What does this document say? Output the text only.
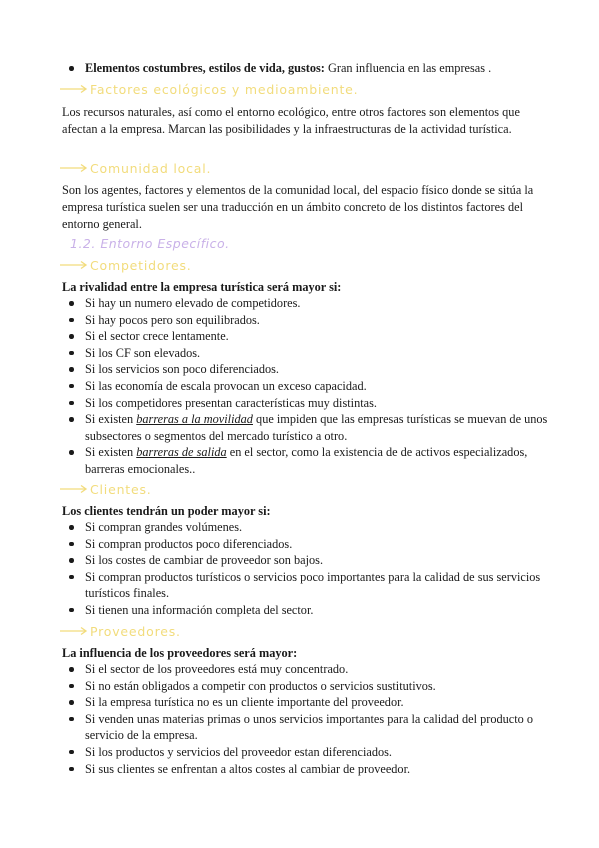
Elementos costumbres, estilos de vida, gustos: Gran influencia en las empresas .
Factores ecológicos y medioambiente.

Los recursos naturales, así como el entorno ecológico, entre otros factores son elementos que afectan a la empresa. Marcan las posibilidades y la infraestructuras de la actividad turística.

Comunidad local.

Son los agentes, factores y elementos de la comunidad local, del espacio físico donde se sitúa la empresa turística suelen ser una traducción en un ámbito concreto de los distintos factores del entorno general.

1.2. Entorno Específico.
Competidores.
La rivalidad entre la empresa turística será mayor si:
Si hay un numero elevado de competidores.
Si hay pocos pero son equilibrados.
Si el sector crece lentamente.
Si los CF son elevados.
Si los servicios son poco diferenciados.
Si las economía de escala provocan un exceso capacidad.
Si los competidores presentan características muy distintas.
Si existen barreras a la movilidad que impiden que las empresas turísticas se muevan de unos subsectores o segmentos del mercado turístico a otro.
Si existen barreras de salida en el sector, como la existencia de de activos especializados, barreras emocionales..
Clientes.
Los clientes tendrán un poder mayor si:
Si compran grandes volúmenes.
Si compran productos poco diferenciados.
Si los costes de cambiar de proveedor son bajos.
Si compran productos turísticos o servicios poco importantes para la calidad de sus servicios turísticos finales.
Si tienen una información completa del sector.
Proveedores.
La influencia de los proveedores será mayor:
Si el sector de los proveedores está muy concentrado.
Si no están obligados a competir con productos o servicios sustitutivos.
Si la empresa turística no es un cliente importante del proveedor.
Si venden unas materias primas o unos servicios importantes para la calidad del producto o servicio de la empresa.
Si los productos y servicios del proveedor estan diferenciados.
Si sus clientes se enfrentan a altos costes al cambiar de proveedor.
